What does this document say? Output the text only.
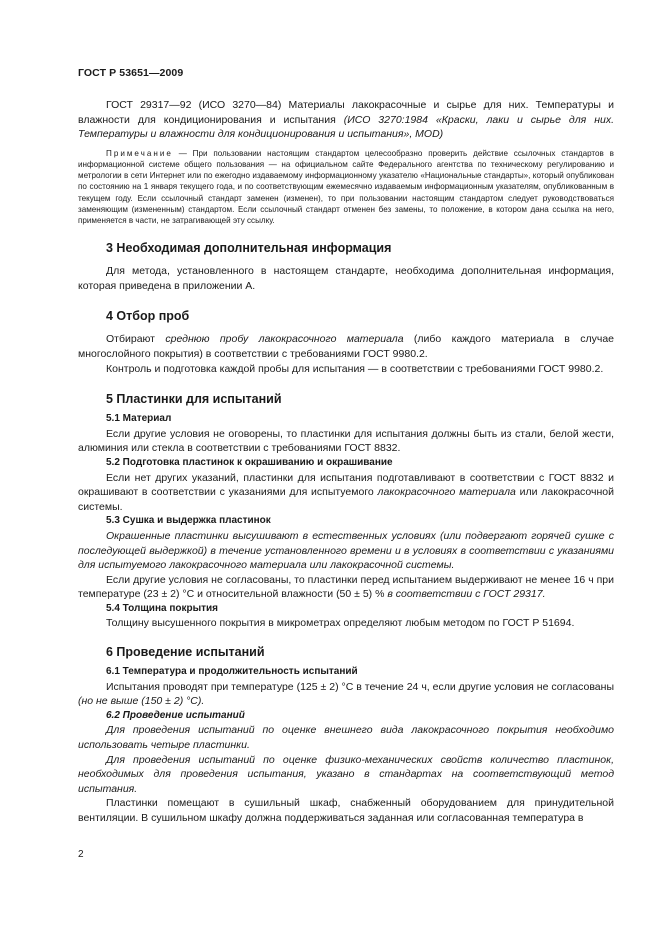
ГОСТ Р 53651—2009

ГОСТ 29317—92 (ИСО 3270—84) Материалы лакокрасочные и сырье для них. Температуры и влажности для кондиционирования и испытания (ИСО 3270:1984 «Краски, лаки и сырье для них. Температуры и влажности для кондиционирования и испытания», MOD)

Примечание — При пользовании настоящим стандартом целесообразно проверить действие ссылочных стандартов в информационной системе общего пользования — на официальном сайте Федерального агентства по техническому регулированию и метрологии в сети Интернет или по ежегодно издаваемому информационному указателю «Национальные стандарты», который опубликован по состоянию на 1 января текущего года, и по соответствующим ежемесячно издаваемым информационным указателям, опубликованным в текущем году. Если ссылочный стандарт заменен (изменен), то при пользовании настоящим стандартом следует руководствоваться заменяющим (измененным) стандартом. Если ссылочный стандарт отменен без замены, то положение, в котором дана ссылка на него, применяется в части, не затрагивающей эту ссылку.

3 Необходимая дополнительная информация

Для метода, установленного в настоящем стандарте, необходима дополнительная информация, которая приведена в приложении А.

4 Отбор проб

Отбирают среднюю пробу лакокрасочного материала (либо каждого материала в случае многослойного покрытия) в соответствии с требованиями ГОСТ 9980.2.

Контроль и подготовка каждой пробы для испытания — в соответствии с требованиями ГОСТ 9980.2.

5 Пластинки для испытаний
5.1 Материал

Если другие условия не оговорены, то пластинки для испытания должны быть из стали, белой жести, алюминия или стекла в соответствии с требованиями ГОСТ 8832.

5.2 Подготовка пластинок к окрашиванию и окрашивание

Если нет других указаний, пластинки для испытания подготавливают в соответствии с ГОСТ 8832 и окрашивают в соответствии с указаниями для испытуемого лакокрасочного материала или лакокрасочной системы.

5.3 Сушка и выдержка пластинок

Окрашенные пластинки высушивают в естественных условиях (или подвергают горячей сушке с последующей выдержкой) в течение установленного времени и в условиях в соответствии с указаниями для испытуемого лакокрасочного материала или лакокрасочной системы.

Если другие условия не согласованы, то пластинки перед испытанием выдерживают не менее 16 ч при температуре (23 ± 2) °С и относительной влажности (50 ± 5) % в соответствии с ГОСТ 29317.

5.4 Толщина покрытия

Толщину высушенного покрытия в микрометрах определяют любым методом по ГОСТ Р 51694.

6 Проведение испытаний
6.1 Температура и продолжительность испытаний

Испытания проводят при температуре (125 ± 2) °С в течение 24 ч, если другие условия не согласованы (но не выше (150 ± 2) °С).

6.2 Проведение испытаний

Для проведения испытаний по оценке внешнего вида лакокрасочного покрытия необходимо использовать четыре пластинки.

Для проведения испытаний по оценке физико-механических свойств количество пластинок, необходимых для проведения испытания, указано в стандартах на соответствующий метод испытания.

Пластинки помещают в сушильный шкаф, снабженный оборудованием для принудительной вентиляции. В сушильном шкафу должна поддерживаться заданная или согласованная температура в

2
